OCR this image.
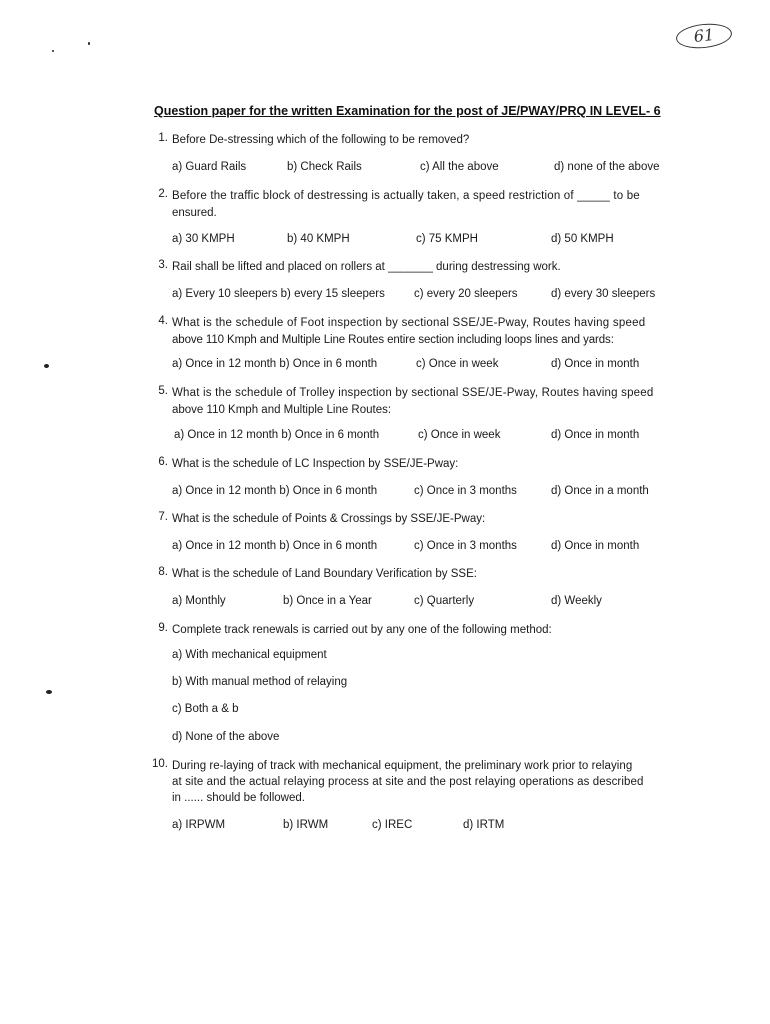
61
Question paper for the written Examination for the post of JE/PWAY/PRQ IN LEVEL- 6
1. Before De-stressing which of the following to be removed?
a) Guard Rails	b) Check Rails	c) All the above	d) none of the above
2. Before the traffic block of destressing is actually taken, a speed restriction of _____ to be
ensured.
a) 30 KMPH	b) 40 KMPH	c) 75 KMPH	d) 50 KMPH
3. Rail shall be lifted and placed on rollers at _______ during destressing work.
a) Every 10 sleepers b) every 15 sleepers	c) every 20 sleepers	d) every 30 sleepers
4. What is the schedule of Foot inspection by sectional SSE/JE-Pway, Routes having speed
above 110 Kmph and Multiple Line Routes entire section including loops lines and yards:
a) Once in 12 month b) Once in 6 month	c) Once in week	d) Once in month
5. What is the schedule of Trolley inspection by sectional SSE/JE-Pway, Routes having speed
above 110 Kmph and Multiple Line Routes:
a) Once in 12 month b) Once in 6 month	c) Once in week	d) Once in month
6. What is the schedule of LC Inspection by SSE/JE-Pway:
a) Once in 12 month b) Once in 6 month	c) Once in 3 months	d) Once in a month
7. What is the schedule of Points & Crossings by SSE/JE-Pway:
a) Once in 12 month b) Once in 6 month	c) Once in 3 months	d) Once in month
8. What is the schedule of Land Boundary Verification by SSE:
a) Monthly	b) Once in a Year	c) Quarterly	d) Weekly
9. Complete track renewals is carried out by any one of the following method:
a) With mechanical equipment
b) With manual method of relaying
c) Both a & b
d) None of the above
10. During re-laying of track with mechanical equipment, the preliminary work prior to relaying
at site and the actual relaying process at site and the post relaying operations as described
in ...... should be followed.
a) IRPWM	b) IRWM	c) IREC	d) IRTM
